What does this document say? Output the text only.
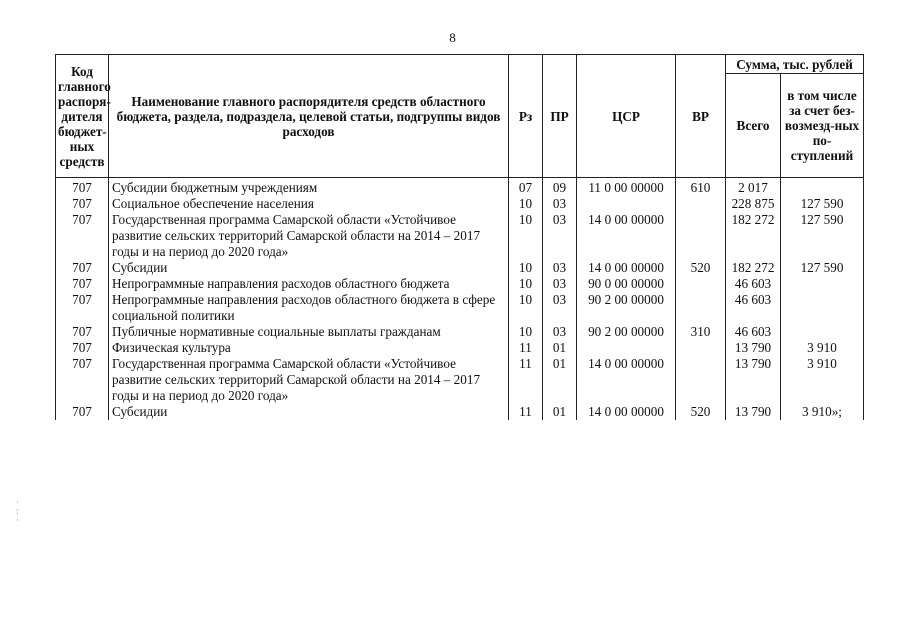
8
Код главного распоря-дителя бюджет-ных средств	Наименование главного распорядителя средств областного бюджета, раздела, подраздела, целевой статьи, подгруппы видов расходов	Рз	ПР	ЦСР	ВР	Сумма, тыс. рублей	
						Всего	в том числе за счет без-возмезд-ных по-ступлений
707	Субсидии бюджетным учреждениям	07	09	11 0 00 00000	610	2 017	
707	Социальное обеспечение населения	10	03			228 875	127 590
707	Государственная программа Самарской области «Устойчивое развитие сельских территорий Самарской области на 2014 – 2017 годы и на период до 2020 года»	10	03	14 0 00 00000		182 272	127 590
707	Субсидии	10	03	14 0 00 00000	520	182 272	127 590
707	Непрограммные направления расходов областного бюджета	10	03	90 0 00 00000		46 603	
707	Непрограммные направления расходов областного бюджета в сфере социальной политики	10	03	90 2 00 00000		46 603	
707	Публичные нормативные социальные выплаты гражданам	10	03	90 2 00 00000	310	46 603	
707	Физическая культура	11	01			13 790	3 910
707	Государственная программа Самарской области «Устойчивое развитие сельских территорий Самарской области на 2014 – 2017 годы и на период до 2020 года»	11	01	14 0 00 00000		13 790	3 910
707	Субсидии	11	01	14 0 00 00000	520	13 790	3 910»;
·
:
·
